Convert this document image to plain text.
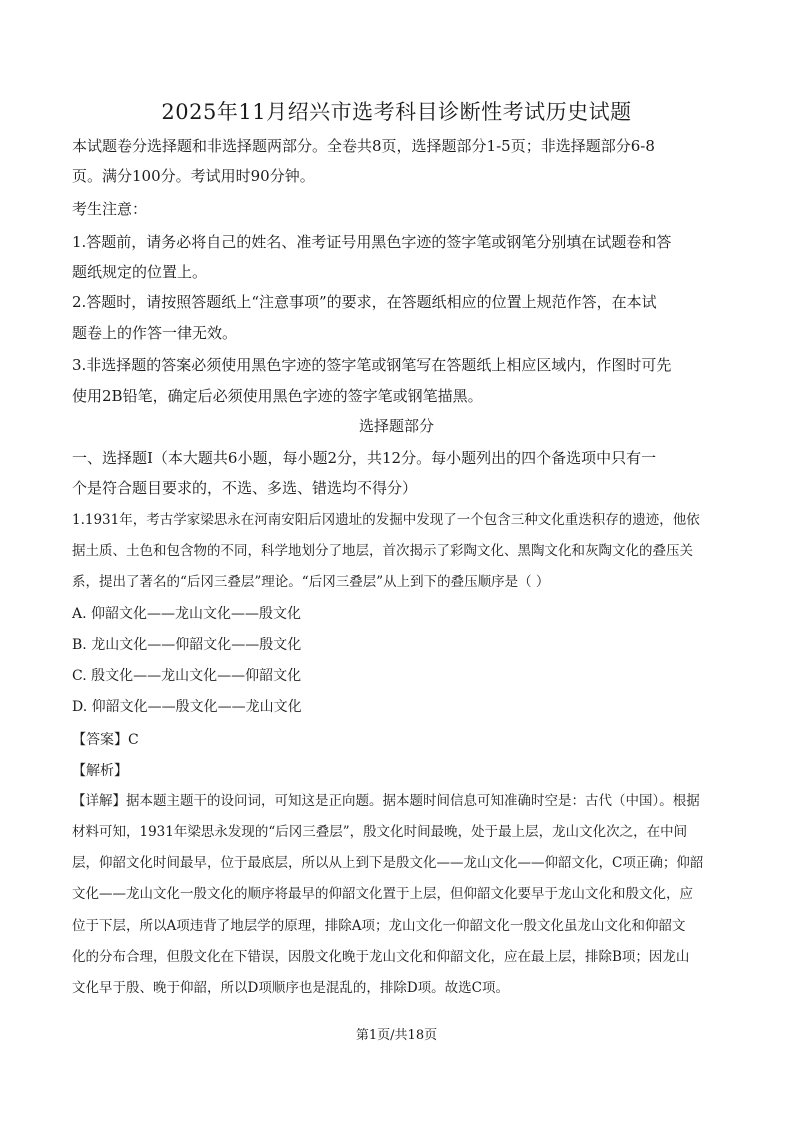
2025年11月绍兴市选考科目诊断性考试历史试题
本试题卷分选择题和非选择题两部分。全卷共8页，选择题部分1-5页；非选择题部分6-8
页。满分100分。考试用时90分钟。
考生注意：
1.答题前，请务必将自己的姓名、准考证号用黑色字迹的签字笔或钢笔分别填在试题卷和答
题纸规定的位置上。
2.答题时，请按照答题纸上“注意事项”的要求，在答题纸相应的位置上规范作答，在本试
题卷上的作答一律无效。
3.非选择题的答案必须使用黑色字迹的签字笔或钢笔写在答题纸上相应区域内，作图时可先
使用2B铅笔，确定后必须使用黑色字迹的签字笔或钢笔描黑。
选择题部分
一、选择题Ⅰ（本大题共6小题，每小题2分，共12分。每小题列出的四个备选项中只有一
个是符合题目要求的，不选、多选、错选均不得分）
1.1931年，考古学家梁思永在河南安阳后冈遗址的发掘中发现了一个包含三种文化重迭积存的遗迹，他依
据土质、土色和包含物的不同，科学地划分了地层，首次揭示了彩陶文化、黑陶文化和灰陶文化的叠压关
系，提出了著名的“后冈三叠层”理论。“后冈三叠层”从上到下的叠压顺序是（ ）
A. 仰韶文化——龙山文化——殷文化
B. 龙山文化——仰韶文化——殷文化
C. 殷文化——龙山文化——仰韶文化
D. 仰韶文化——殷文化——龙山文化
【答案】C
【解析】
【详解】据本题主题干的设问词，可知这是正向题。据本题时间信息可知准确时空是：古代（中国）。根据
材料可知，1931年梁思永发现的“后冈三叠层”，殷文化时间最晚，处于最上层，龙山文化次之，在中间
层，仰韶文化时间最早，位于最底层，所以从上到下是殷文化——龙山文化——仰韶文化，C项正确；仰韶
文化——龙山文化一殷文化的顺序将最早的仰韶文化置于上层，但仰韶文化要早于龙山文化和殷文化，应
位于下层，所以A项违背了地层学的原理，排除A项；龙山文化一仰韶文化一殷文化虽龙山文化和仰韶文
化的分布合理，但殷文化在下错误，因殷文化晚于龙山文化和仰韶文化，应在最上层，排除B项；因龙山
文化早于殷、晚于仰韶，所以D项顺序也是混乱的，排除D项。故选C项。
第1页/共18页
